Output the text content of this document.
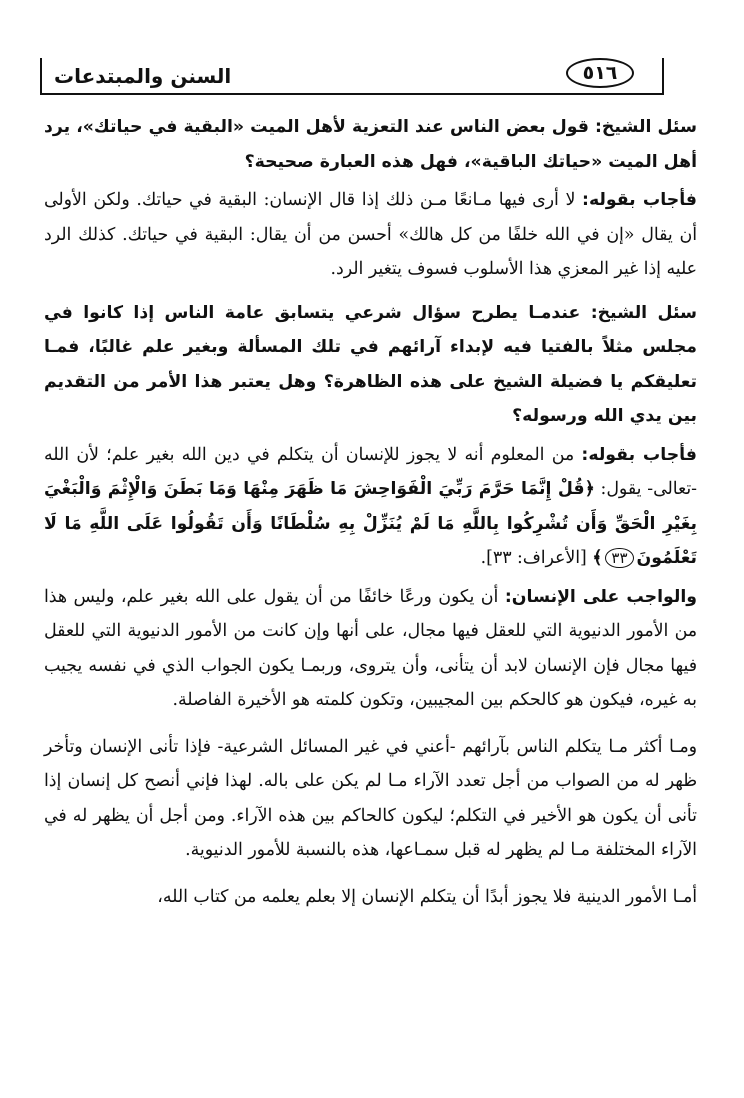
٥١٦
السنن والمبتدعات

سئل الشيخ: قول بعض الناس عند التعزية لأهل الميت «البقية في حياتك»، يرد أهل الميت «حياتك الباقية»، فهل هذه العبارة صحيحة؟

فأجاب بقوله: لا أرى فيها مـانعًا مـن ذلك إذا قال الإنسان: البقية في حياتك. ولكن الأولى أن يقال «إن في الله خلفًا من كل هالك» أحسن من أن يقال: البقية في حياتك. كذلك الرد عليه إذا غير المعزي هذا الأسلوب فسوف يتغير الرد.

سئل الشيخ: عندمـا يطرح سؤال شرعي يتسابق عامة الناس إذا كانوا في مجلس مثلاً بالفتيا فيه لإبداء آرائهم في تلك المسألة وبغير علم غالبًا، فمـا تعليقكم يا فضيلة الشيخ على هذه الظاهرة؟ وهل يعتبر هذا الأمر من التقديم بين يدي الله ورسوله؟

فأجاب بقوله: من المعلوم أنه لا يجوز للإنسان أن يتكلم في دين الله بغير علم؛ لأن الله -تعالى- يقول: ﴿قُلْ إِنَّمَا حَرَّمَ رَبِّيَ الْفَوَاحِشَ مَا ظَهَرَ مِنْهَا وَمَا بَطَنَ وَالْإِثْمَ وَالْبَغْيَ بِغَيْرِ الْحَقِّ وَأَن تُشْرِكُوا بِاللَّهِ مَا لَمْ يُنَزِّلْ بِهِ سُلْطَانًا وَأَن تَقُولُوا عَلَى اللَّهِ مَا لَا تَعْلَمُونَ٣٣﴾ [الأعراف: ٣٣].

والواجب على الإنسان: أن يكون ورعًا خائفًا من أن يقول على الله بغير علم، وليس هذا من الأمور الدنيوية التي للعقل فيها مجال، على أنها وإن كانت من الأمور الدنيوية التي للعقل فيها مجال فإن الإنسان لابد أن يتأنى، وأن يتروى، وربمـا يكون الجواب الذي في نفسه يجيب به غيره، فيكون هو كالحكم بين المجيبين، وتكون كلمته هو الأخيرة الفاصلة.

ومـا أكثر مـا يتكلم الناس بآرائهم -أعني في غير المسائل الشرعية- فإذا تأنى الإنسان وتأخر ظهر له من الصواب من أجل تعدد الآراء مـا لم يكن على باله. لهذا فإني أنصح كل إنسان إذا تأنى أن يكون هو الأخير في التكلم؛ ليكون كالحاكم بين هذه الآراء. ومن أجل أن يظهر له في الآراء المختلفة مـا لم يظهر له قبل سمـاعها، هذه بالنسبة للأمور الدنيوية.

أمـا الأمور الدينية فلا يجوز أبدًا أن يتكلم الإنسان إلا بعلم يعلمه من كتاب الله،
